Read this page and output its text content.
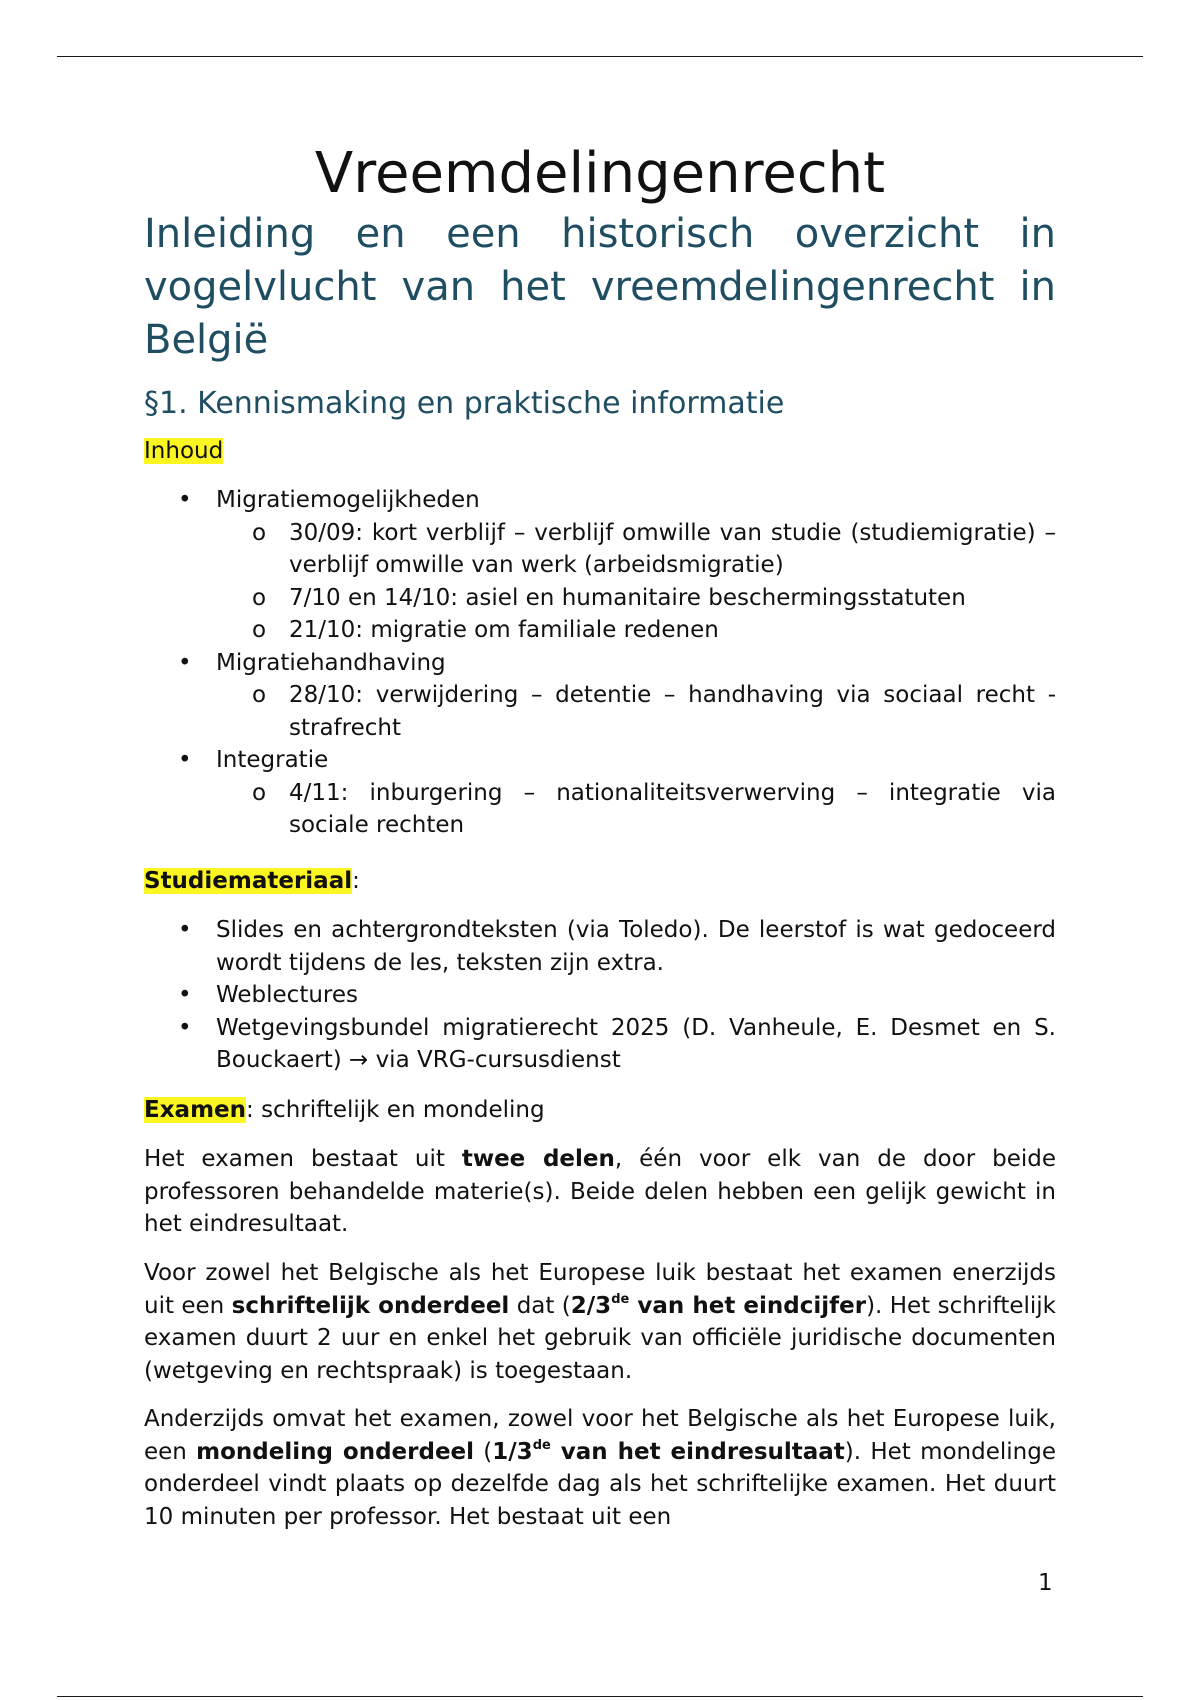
Vreemdelingenrecht
Inleiding en een historisch overzicht in vogelvlucht van het vreemdelingenrecht in België
§1. Kennismaking en praktische informatie
Inhoud
• Migratiemogelijkheden
o 30/09: kort verblijf – verblijf omwille van studie (studiemigratie) – verblijf omwille van werk (arbeidsmigratie)
o 7/10 en 14/10: asiel en humanitaire beschermingsstatuten
o 21/10: migratie om familiale redenen
• Migratiehandhaving
o 28/10: verwijdering – detentie – handhaving via sociaal recht - strafrecht
• Integratie
o 4/11: inburgering – nationaliteitsverwerving – integratie via sociale rechten
Studiemateriaal:
• Slides en achtergrondteksten (via Toledo). De leerstof is wat gedoceerd wordt tijdens de les, teksten zijn extra.
• Weblectures
• Wetgevingsbundel migratierecht 2025 (D. Vanheule, E. Desmet en S. Bouckaert) → via VRG-cursusdienst
Examen: schriftelijk en mondeling

Het examen bestaat uit twee delen, één voor elk van de door beide professoren behandelde materie(s). Beide delen hebben een gelijk gewicht in het eindresultaat.

Voor zowel het Belgische als het Europese luik bestaat het examen enerzijds uit een schriftelijk onderdeel dat (2/3de van het eindcijfer). Het schriftelijk examen duurt 2 uur en enkel het gebruik van officiële juridische documenten (wetgeving en rechtspraak) is toegestaan.

Anderzijds omvat het examen, zowel voor het Belgische als het Europese luik, een mondeling onderdeel (1/3de van het eindresultaat). Het mondelinge onderdeel vindt plaats op dezelfde dag als het schriftelijke examen. Het duurt 10 minuten per professor. Het bestaat uit een

1
